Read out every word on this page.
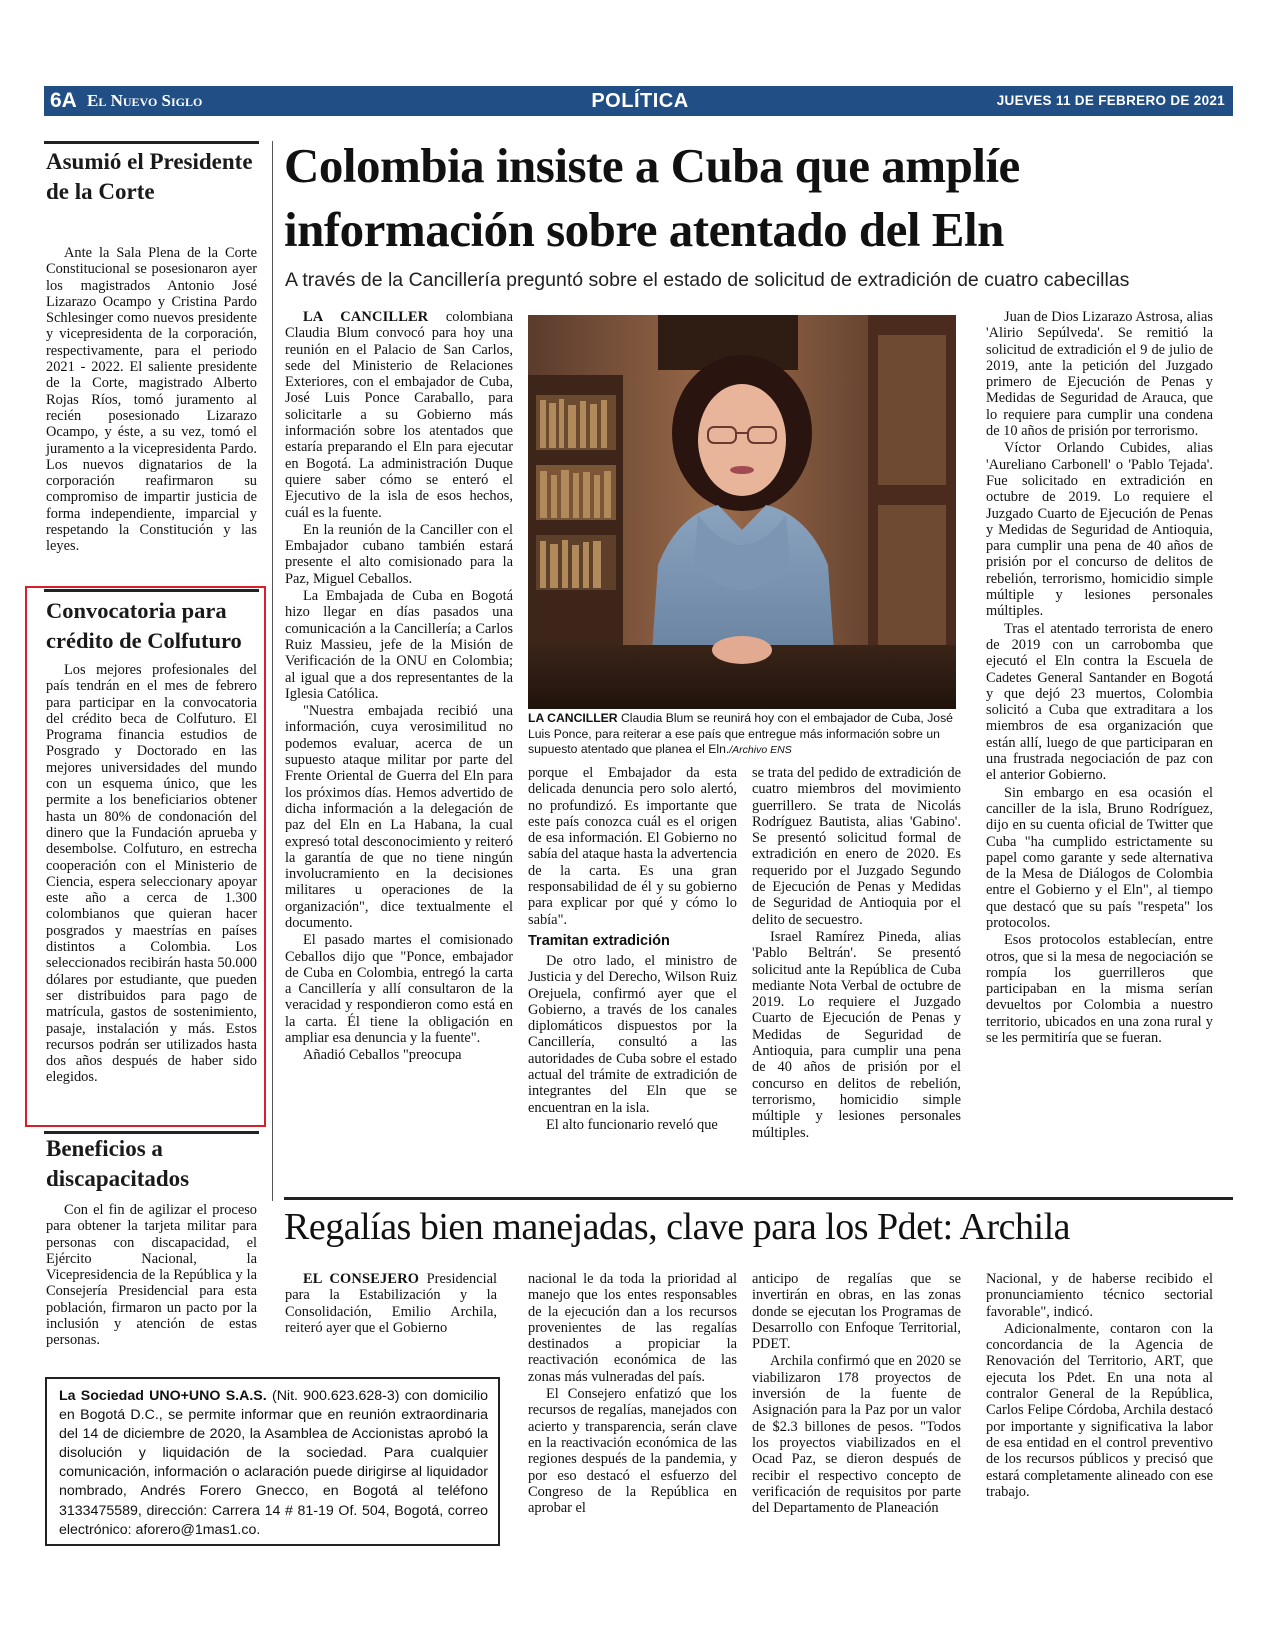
6A El Nuevo Siglo	POLÍTICA	JUEVES 11 DE FEBRERO DE 2021
Asumió el Presidente de la Corte

Ante la Sala Plena de la Corte Constitucional se posesionaron ayer los magistrados Antonio José Lizarazo Ocampo y Cristina Pardo Schlesinger como nuevos presidente y vicepresidenta de la corporación, respectivamente, para el periodo 2021 - 2022. El saliente presidente de la Corte, magistrado Alberto Rojas Ríos, tomó juramento al recién posesionado Lizarazo Ocampo, y éste, a su vez, tomó el juramento a la vicepresidenta Pardo. Los nuevos dignatarios de la corporación reafirmaron su compromiso de impartir justicia de forma independiente, imparcial y respetando la Constitución y las leyes.

Convocatoria para crédito de Colfuturo

Los mejores profesionales del país tendrán en el mes de febrero para participar en la convocatoria del crédito beca de Colfuturo. El Programa financia estudios de Posgrado y Doctorado en las mejores universidades del mundo con un esquema único, que les permite a los beneficiarios obtener hasta un 80% de condonación del dinero que la Fundación aprueba y desembolse. Colfuturo, en estrecha cooperación con el Ministerio de Ciencia, espera seleccionary apoyar este año a cerca de 1.300 colombianos que quieran hacer posgrados y maestrías en países distintos a Colombia. Los seleccionados recibirán hasta 50.000 dólares por estudiante, que pueden ser distribuidos para pago de matrícula, gastos de sostenimiento, pasaje, instalación y más. Estos recursos podrán ser utilizados hasta dos años después de haber sido elegidos.

Beneficios a discapacitados

Con el fin de agilizar el proceso para obtener la tarjeta militar para personas con discapacidad, el Ejército Nacional, la Vicepresidencia de la República y la Consejería Presidencial para esta población, firmaron un pacto por la inclusión y atención de estas personas.

Colombia insiste a Cuba que amplíe información sobre atentado del Eln
A través de la Cancillería preguntó sobre el estado de solicitud de extradición de cuatro cabecillas

LA CANCILLER colombiana Claudia Blum convocó para hoy una reunión en el Palacio de San Carlos, sede del Ministerio de Relaciones Exteriores, con el embajador de Cuba, José Luis Ponce Caraballo, para solicitarle a su Gobierno más información sobre los atentados que estaría preparando el Eln para ejecutar en Bogotá. La administración Duque quiere saber cómo se enteró el Ejecutivo de la isla de esos hechos, cuál es la fuente.

En la reunión de la Canciller con el Embajador cubano también estará presente el alto comisionado para la Paz, Miguel Ceballos.

La Embajada de Cuba en Bogotá hizo llegar en días pasados una comunicación a la Cancillería; a Carlos Ruiz Massieu, jefe de la Misión de Verificación de la ONU en Colombia; al igual que a dos representantes de la Iglesia Católica.

"Nuestra embajada recibió una información, cuya verosimilitud no podemos evaluar, acerca de un supuesto ataque militar por parte del Frente Oriental de Guerra del Eln para los próximos días. Hemos advertido de dicha información a la delegación de paz del Eln en La Habana, la cual expresó total desconocimiento y reiteró la garantía de que no tiene ningún involucramiento en la decisiones militares u operaciones de la organización", dice textualmente el documento.

El pasado martes el comisionado Ceballos dijo que "Ponce, embajador de Cuba en Colombia, entregó la carta a Cancillería y allí consultaron de la veracidad y respondieron como está en la carta. Él tiene la obligación en ampliar esa denuncia y la fuente".

Añadió Ceballos "preocupa

LA CANCILLER Claudia Blum se reunirá hoy con el embajador de Cuba, José Luis Ponce, para reiterar a ese país que entregue más información sobre un supuesto atentado que planea el Eln./Archivo ENS

porque el Embajador da esta delicada denuncia pero solo alertó, no profundizó. Es importante que este país conozca cuál es el origen de esa información. El Gobierno no sabía del ataque hasta la advertencia de la carta. Es una gran responsabilidad de él y su gobierno para explicar por qué y cómo lo sabía".

Tramitan extradición

De otro lado, el ministro de Justicia y del Derecho, Wilson Ruiz Orejuela, confirmó ayer que el Gobierno, a través de los canales diplomáticos dispuestos por la Cancillería, consultó a las autoridades de Cuba sobre el estado actual del trámite de extradición de integrantes del Eln que se encuentran en la isla.

El alto funcionario reveló que

se trata del pedido de extradición de cuatro miembros del movimiento guerrillero. Se trata de Nicolás Rodríguez Bautista, alias 'Gabino'. Se presentó solicitud formal de extradición en enero de 2020. Es requerido por el Juzgado Segundo de Ejecución de Penas y Medidas de Seguridad de Antioquia por el delito de secuestro.

Israel Ramírez Pineda, alias 'Pablo Beltrán'. Se presentó solicitud ante la República de Cuba mediante Nota Verbal de octubre de 2019. Lo requiere el Juzgado Cuarto de Ejecución de Penas y Medidas de Seguridad de Antioquia, para cumplir una pena de 40 años de prisión por el concurso en delitos de rebelión, terrorismo, homicidio simple múltiple y lesiones personales múltiples.

Juan de Dios Lizarazo Astrosa, alias 'Alirio Sepúlveda'. Se remitió la solicitud de extradición el 9 de julio de 2019, ante la petición del Juzgado primero de Ejecución de Penas y Medidas de Seguridad de Arauca, que lo requiere para cumplir una condena de 10 años de prisión por terrorismo.

Víctor Orlando Cubides, alias 'Aureliano Carbonell' o 'Pablo Tejada'. Fue solicitado en extradición en octubre de 2019. Lo requiere el Juzgado Cuarto de Ejecución de Penas y Medidas de Seguridad de Antioquia, para cumplir una pena de 40 años de prisión por el concurso de delitos de rebelión, terrorismo, homicidio simple múltiple y lesiones personales múltiples.

Tras el atentado terrorista de enero de 2019 con un carrobomba que ejecutó el Eln contra la Escuela de Cadetes General Santander en Bogotá y que dejó 23 muertos, Colombia solicitó a Cuba que extraditara a los miembros de esa organización que están allí, luego de que participaran en una frustrada negociación de paz con el anterior Gobierno.

Sin embargo en esa ocasión el canciller de la isla, Bruno Rodríguez, dijo en su cuenta oficial de Twitter que Cuba "ha cumplido estrictamente su papel como garante y sede alternativa de la Mesa de Diálogos de Colombia entre el Gobierno y el Eln", al tiempo que destacó que su país "respeta" los protocolos.

Esos protocolos establecían, entre otros, que si la mesa de negociación se rompía los guerrilleros que participaban en la misma serían devueltos por Colombia a nuestro territorio, ubicados en una zona rural y se les permitiría que se fueran.

Regalías bien manejadas, clave para los Pdet: Archila

EL CONSEJERO Presidencial para la Estabilización y la Consolidación, Emilio Archila, reiteró ayer que el Gobierno

nacional le da toda la prioridad al manejo que los entes responsables de la ejecución dan a los recursos provenientes de las regalías destinados a propiciar la reactivación económica de las zonas más vulneradas del país.

El Consejero enfatizó que los recursos de regalías, manejados con acierto y transparencia, serán clave en la reactivación económica de las regiones después de la pandemia, y por eso destacó el esfuerzo del Congreso de la República en aprobar el

anticipo de regalías que se invertirán en obras, en las zonas donde se ejecutan los Programas de Desarrollo con Enfoque Territorial, PDET.

Archila confirmó que en 2020 se viabilizaron 178 proyectos de inversión de la fuente de Asignación para la Paz por un valor de $2.3 billones de pesos. "Todos los proyectos viabilizados en el Ocad Paz, se dieron después de recibir el respectivo concepto de verificación de requisitos por parte del Departamento de Planeación

Nacional, y de haberse recibido el pronunciamiento técnico sectorial favorable", indicó.

Adicionalmente, contaron con la concordancia de la Agencia de Renovación del Territorio, ART, que ejecuta los Pdet. En una nota al contralor General de la República, Carlos Felipe Córdoba, Archila destacó por importante y significativa la labor de esa entidad en el control preventivo de los recursos públicos y precisó que estará completamente alineado con ese trabajo.

La Sociedad UNO+UNO S.A.S. (Nit. 900.623.628-3) con domicilio en Bogotá D.C., se permite informar que en reunión extraordinaria del 14 de diciembre de 2020, la Asamblea de Accionistas aprobó la disolución y liquidación de la sociedad. Para cualquier comunicación, información o aclaración puede dirigirse al liquidador nombrado, Andrés Forero Gnecco, en Bogotá al teléfono 3133475589, dirección: Carrera 14 # 81-19 Of. 504, Bogotá, correo electrónico: aforero@1mas1.co.
